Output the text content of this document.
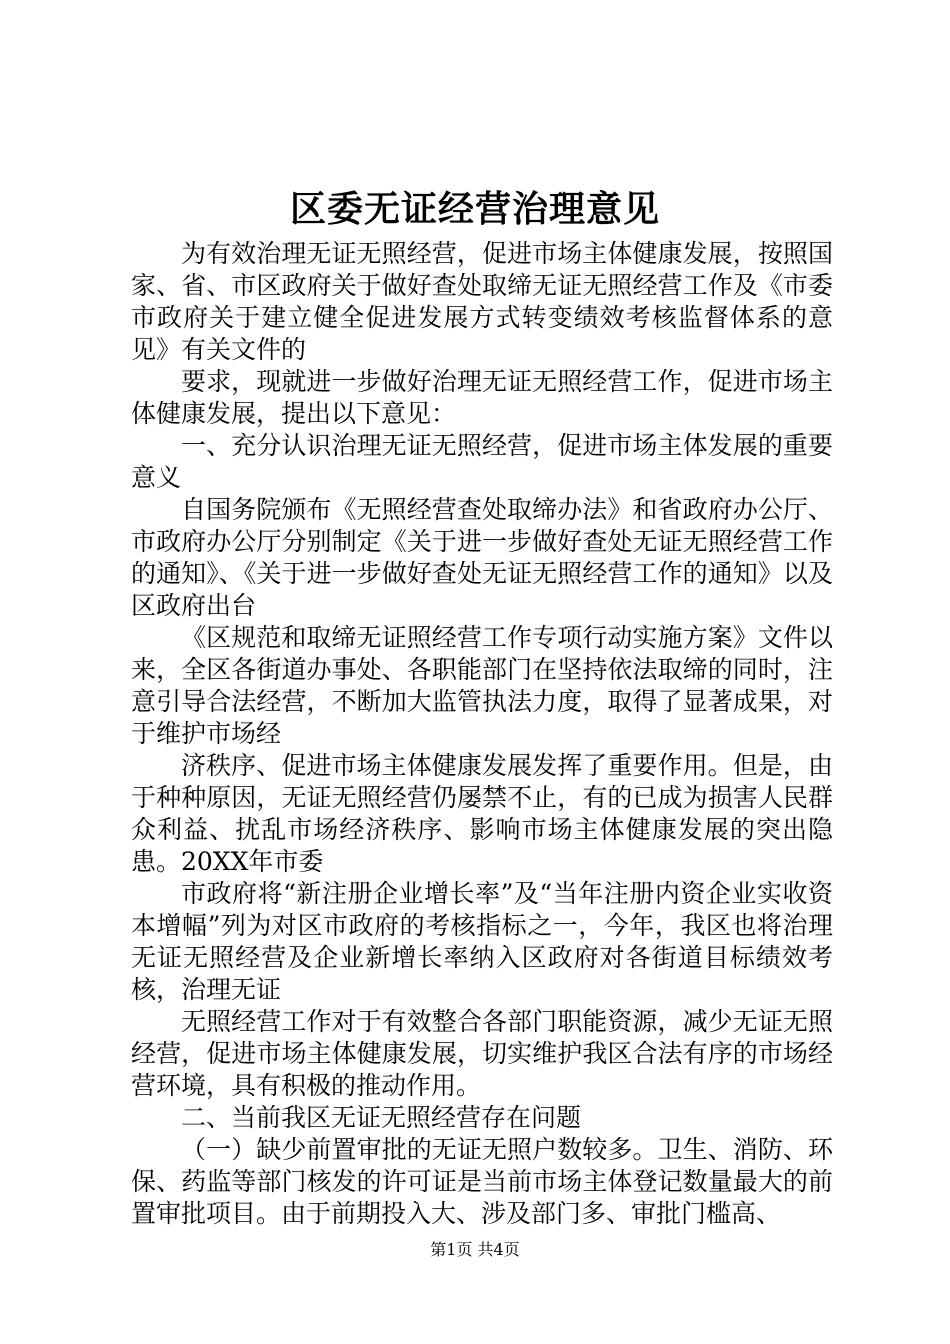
区委无证经营治理意见

为有效治理无证无照经营，促进市场主体健康发展，按照国家、省、市区政府关于做好查处取缔无证无照经营工作及《市委市政府关于建立健全促进发展方式转变绩效考核监督体系的意见》有关文件的

要求，现就进一步做好治理无证无照经营工作，促进市场主体健康发展，提出以下意见：

一、充分认识治理无证无照经营，促进市场主体发展的重要意义

自国务院颁布《无照经营查处取缔办法》和省政府办公厅、市政府办公厅分别制定《关于进一步做好查处无证无照经营工作的通知》、《关于进一步做好查处无证无照经营工作的通知》以及区政府出台

《区规范和取缔无证照经营工作专项行动实施方案》文件以来，全区各街道办事处、各职能部门在坚持依法取缔的同时，注意引导合法经营，不断加大监管执法力度，取得了显著成果，对于维护市场经

济秩序、促进市场主体健康发展发挥了重要作用。但是，由于种种原因，无证无照经营仍屡禁不止，有的已成为损害人民群众利益、扰乱市场经济秩序、影响市场主体健康发展的突出隐患。20XX年市委

市政府将“新注册企业增长率”及“当年注册内资企业实收资本增幅”列为对区市政府的考核指标之一，今年，我区也将治理无证无照经营及企业新增长率纳入区政府对各街道目标绩效考核，治理无证

无照经营工作对于有效整合各部门职能资源，减少无证无照经营，促进市场主体健康发展，切实维护我区合法有序的市场经营环境，具有积极的推动作用。

二、当前我区无证无照经营存在问题

（一）缺少前置审批的无证无照户数较多。卫生、消防、环保、药监等部门核发的许可证是当前市场主体登记数量最大的前置审批项目。由于前期投入大、涉及部门多、审批门槛高、

第1页 共4页
